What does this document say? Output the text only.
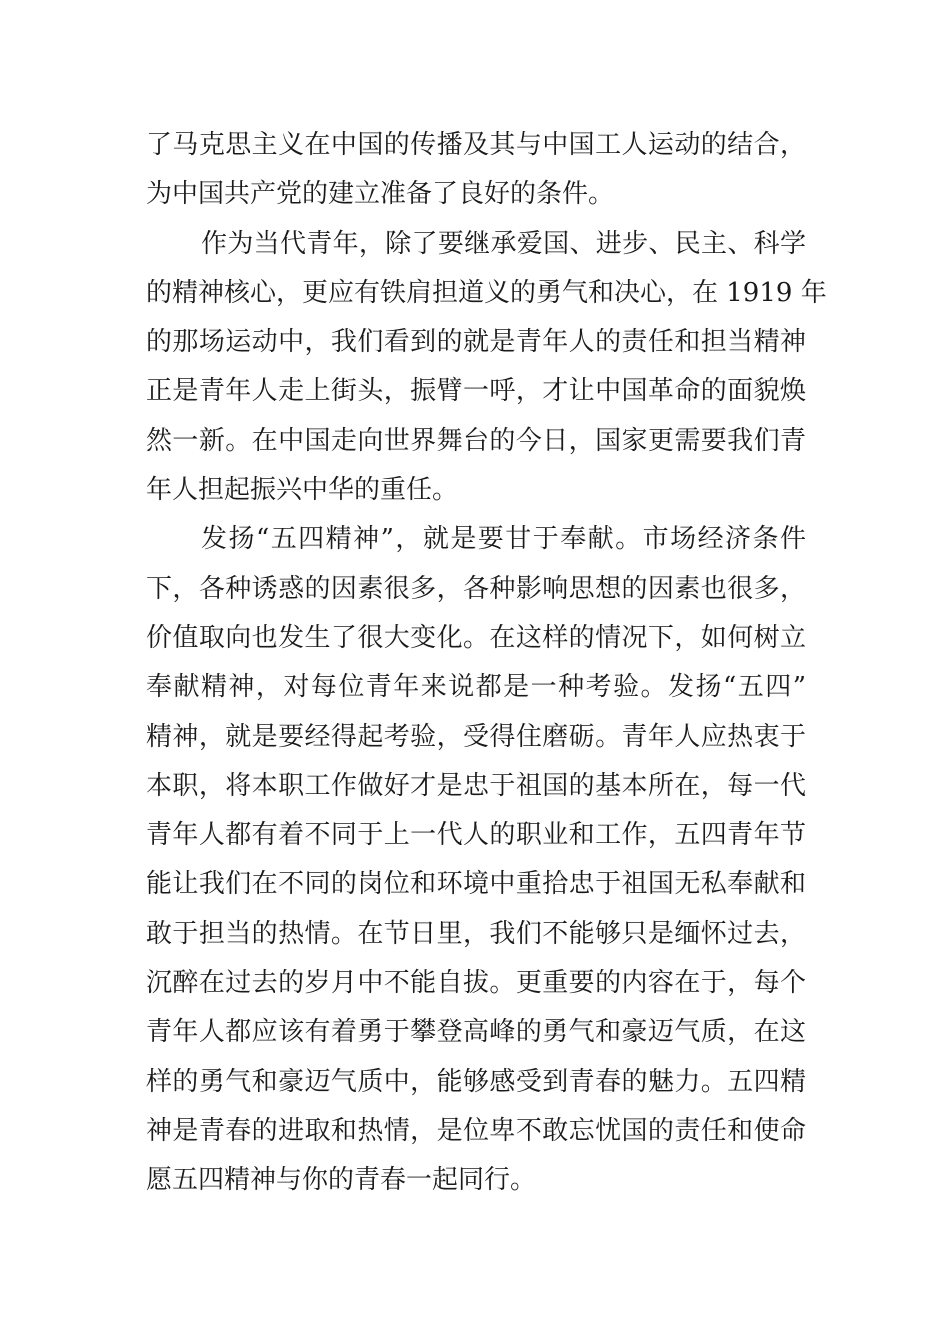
了马克思主义在中国的传播及其与中国工人运动的结合，
为中国共产党的建立准备了良好的条件。
作为当代青年，除了要继承爱国、进步、民主、科学
的精神核心，更应有铁肩担道义的勇气和决心，在 1919 年
的那场运动中，我们看到的就是青年人的责任和担当精神
正是青年人走上街头，振臂一呼，才让中国革命的面貌焕
然一新。在中国走向世界舞台的今日，国家更需要我们青
年人担起振兴中华的重任。
发扬“五四精神”，就是要甘于奉献。市场经济条件
下，各种诱惑的因素很多，各种影响思想的因素也很多，
价值取向也发生了很大变化。在这样的情况下，如何树立
奉献精神，对每位青年来说都是一种考验。发扬“五四”
精神，就是要经得起考验，受得住磨砺。青年人应热衷于
本职，将本职工作做好才是忠于祖国的基本所在，每一代
青年人都有着不同于上一代人的职业和工作，五四青年节
能让我们在不同的岗位和环境中重拾忠于祖国无私奉献和
敢于担当的热情。在节日里，我们不能够只是缅怀过去，
沉醉在过去的岁月中不能自拔。更重要的内容在于，每个
青年人都应该有着勇于攀登高峰的勇气和豪迈气质，在这
样的勇气和豪迈气质中，能够感受到青春的魅力。五四精
神是青春的进取和热情，是位卑不敢忘忧国的责任和使命
愿五四精神与你的青春一起同行。
